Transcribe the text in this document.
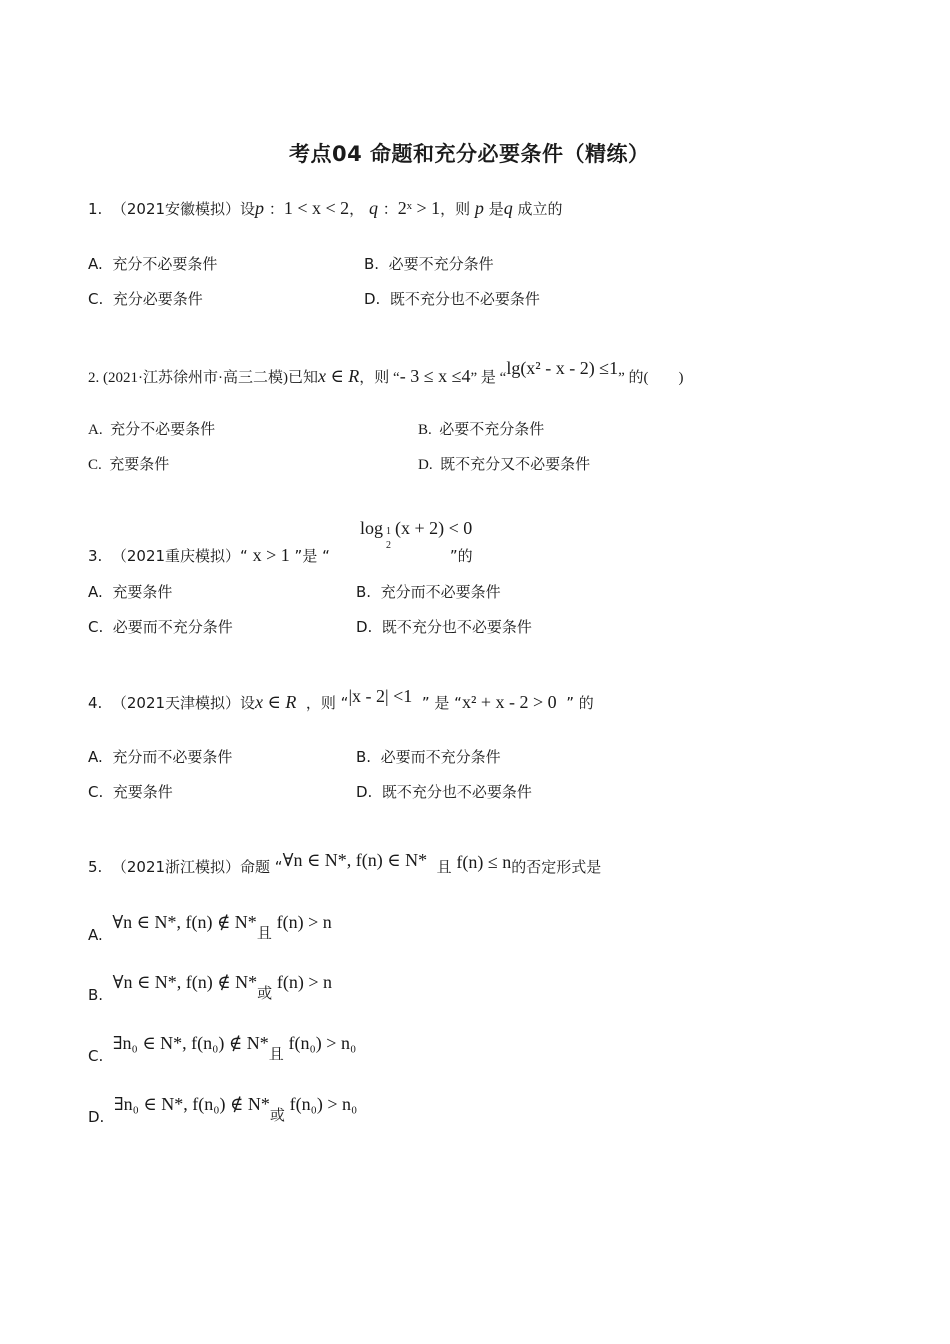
考点04 命题和充分必要条件（精练）
1. （2021安徽模拟）设p ：1 < x < 2， q ：2ˣ > 1，则 p 是q 成立的
A. 充分不必要条件	B. 必要不充分条件
C. 充分必要条件	D. 既不充分也不必要条件
2. (2021·江苏徐州市·高三二模)已知x ∈ R，则 “- 3 ≤ x ≤4” 是 “lg(x² - x - 2) ≤1” 的(　　)
A. 充分不必要条件	B. 必要不充分条件
C. 充要条件	D. 既不充分又不必要条件
log 1
2
(x + 2) < 0
3. （2021重庆模拟）“ x > 1 ”是 “	”的
A. 充要条件	B. 充分而不必要条件
C. 必要而不充分条件	D. 既不充分也不必要条件
4. （2021天津模拟）设x ∈ R ，则 “|x - 2| <1 ” 是 “x² + x - 2 > 0 ” 的
A. 充分而不必要条件	B. 必要而不充分条件
C. 充要条件	D. 既不充分也不必要条件
5. （2021浙江模拟）命题 “∀n ∈ N*, f(n) ∈ N* 且 f(n) ≤ n的否定形式是
A.  ∀n ∈ N*, f(n) ∉ N*且 f(n) > n
B.  ∀n ∈ N*, f(n) ∉ N*或 f(n) > n
C.  ∃n₀ ∈ N*, f(n₀) ∉ N*且 f(n₀) > n₀
D.  ∃n₀ ∈ N*, f(n₀) ∉ N*或 f(n₀) > n₀
